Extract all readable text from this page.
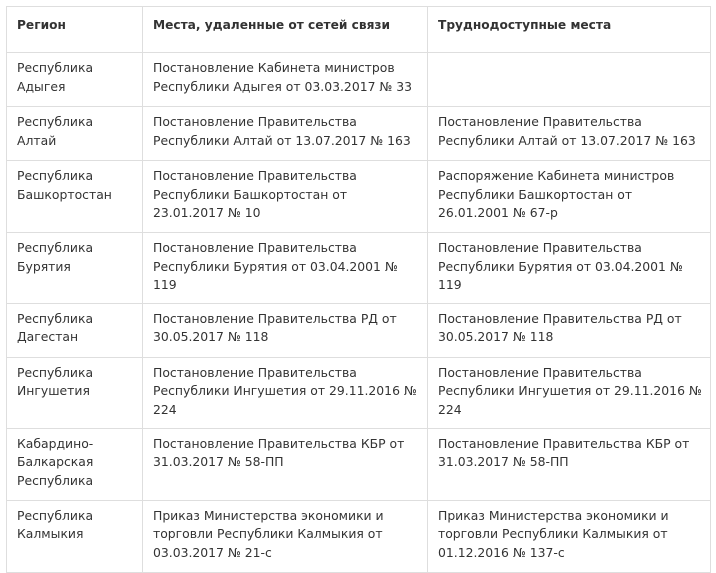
Регион	Места, удаленные от сетей связи	Труднодоступные места
Республика Адыгея	Постановление Кабинета министров Республики Адыгея от 03.03.2017 № 33	
Республика Алтай	Постановление Правительства Республики Алтай от 13.07.2017 № 163	Постановление Правительства Республики Алтай от 13.07.2017 № 163
Республика Башкортостан	Постановление Правительства Республики Башкортостан от 23.01.2017 № 10	Распоряжение Кабинета министров Республики Башкортостан от 26.01.2001 № 67-р
Республика Бурятия	Постановление Правительства Республики Бурятия от 03.04.2001 № 119	Постановление Правительства Республики Бурятия от 03.04.2001 № 119
Республика Дагестан	Постановление Правительства РД от 30.05.2017 № 118	Постановление Правительства РД от 30.05.2017 № 118
Республика Ингушетия	Постановление Правительства Республики Ингушетия от 29.11.2016 № 224	Постановление Правительства Республики Ингушетия от 29.11.2016 № 224
Кабардино-Балкарская Республика	Постановление Правительства КБР от 31.03.2017 № 58-ПП	Постановление Правительства КБР от 31.03.2017 № 58-ПП
Республика Калмыкия	Приказ Министерства экономики и торговли Республики Калмыкия от 03.03.2017 № 21-с	Приказ Министерства экономики и торговли Республики Калмыкия от 01.12.2016 № 137-с
